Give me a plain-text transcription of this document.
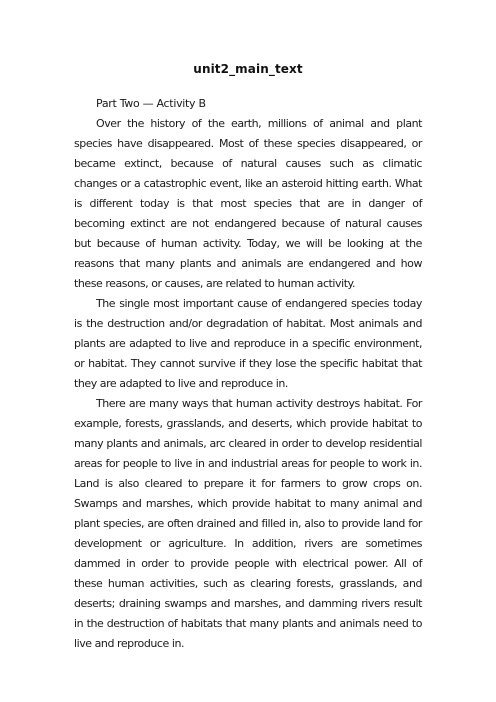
unit2_main_text

Part Two — Activity B

Over the history of the earth, millions of animal and plant species have disappeared. Most of these species disappeared, or became extinct, because of natural causes such as climatic changes or a catastrophic event, like an asteroid hitting earth. What is different today is that most species that are in danger of becoming extinct are not endangered because of natural causes but because of human activity. Today, we will be looking at the reasons that many plants and animals are endangered and how these reasons, or causes, are related to human activity.

The single most important cause of endangered species today is the destruction and/or degradation of habitat. Most animals and plants are adapted to live and reproduce in a specific environment, or habitat. They cannot survive if they lose the specific habitat that they are adapted to live and reproduce in.

There are many ways that human activity destroys habitat. For example, forests, grasslands, and deserts, which provide habitat to many plants and animals, arc cleared in order to develop residential areas for people to live in and industrial areas for people to work in. Land is also cleared to prepare it for farmers to grow crops on. Swamps and marshes, which provide habitat to many animal and plant species, are often drained and filled in, also to provide land for development or agriculture. In addition, rivers are sometimes dammed in order to provide people with electrical power. All of these human activities, such as clearing forests, grasslands, and deserts; draining swamps and marshes, and damming rivers result in the destruction of habitats that many plants and animals need to live and reproduce in.
